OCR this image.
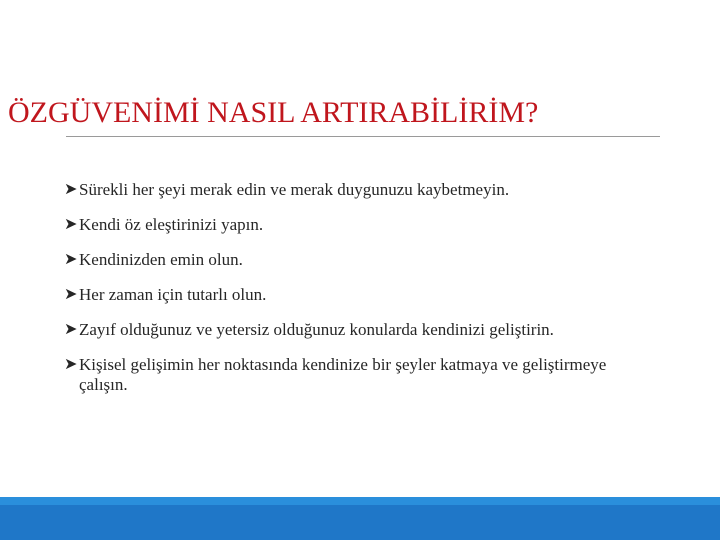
ÖZGÜVENİMİ NASIL ARTIRABİLİRİM?
➤ Sürekli her şeyi merak edin ve merak duygunuzu kaybetmeyin.
➤ Kendi öz eleştirinizi yapın.
➤ Kendinizden emin olun.
➤ Her zaman için tutarlı olun.
➤ Zayıf olduğunuz ve yetersiz olduğunuz konularda kendinizi geliştirin.
➤ Kişisel gelişimin her noktasında kendinize bir şeyler katmaya ve geliştirmeye çalışın.
